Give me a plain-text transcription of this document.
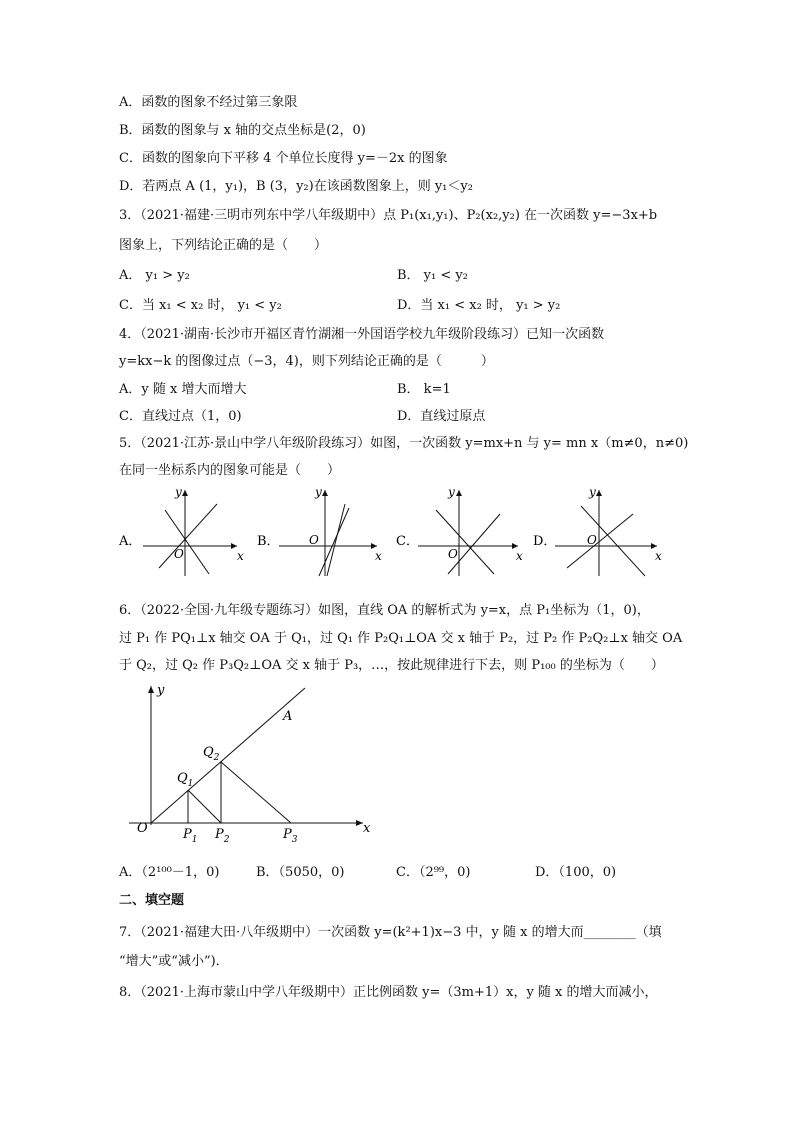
A．函数的图象不经过第三象限
B．函数的图象与 x 轴的交点坐标是(2，0)
C．函数的图象向下平移 4 个单位长度得 y=－2x 的图象
D．若两点 A (1，y₁)，B (3，y₂)在该函数图象上，则 y₁＜y₂
3．（2021·福建·三明市列东中学八年级期中）点 P₁(x₁,y₁)、P₂(x₂,y₂) 在一次函数 y=−3x+b
图象上，下列结论正确的是（　　）
A． y₁ > y₂	B． y₁ < y₂
C．当 x₁ < x₂ 时， y₁ < y₂	D．当 x₁ < x₂ 时， y₁ > y₂
4．（2021·湖南·长沙市开福区青竹湖湘一外国语学校九年级阶段练习）已知一次函数
y=kx−k 的图像过点（−3，4)，则下列结论正确的是（　　　）
A．y 随 x 增大而增大	B． k=1
C．直线过点（1，0)	D．直线过原点
5．（2021·江苏·景山中学八年级阶段练习）如图，一次函数 y=mx+n 与 y= mn x（m≠0，n≠0)
在同一坐标系内的图象可能是（　　）
A．
y
x
O
B．
y
x
O	C．
y
x
O
D．
y
x
O
6．（2022·全国·九年级专题练习）如图，直线 OA 的解析式为 y=x，点 P₁坐标为（1，0)，
过 P₁ 作 PQ₁⊥x 轴交 OA 于 Q₁，过 Q₁ 作 P₂Q₁⊥OA 交 x 轴于 P₂，过 P₂ 作 P₂Q₂⊥x 轴交 OA
于 Q₂，过 Q₂ 作 P₃Q₂⊥OA 交 x 轴于 P₃，…，按此规律进行下去，则 P₁₀₀ 的坐标为（　　）
y
x
O
A
$Q_1$
$Q_2$
$P_1$ $P_2$	$P_3$
A．（2¹⁰⁰－1，0)	B．（5050，0)	C．（2⁹⁹，0)	D．（100，0)
二、填空题
7．（2021·福建大田·八年级期中）一次函数 y=(k²+1)x−3 中，y 随 x 的增大而________（填
“增大”或“减小”)．
8．（2021·上海市蒙山中学八年级期中）正比例函数 y=（3m+1）x，y 随 x 的增大而减小，
